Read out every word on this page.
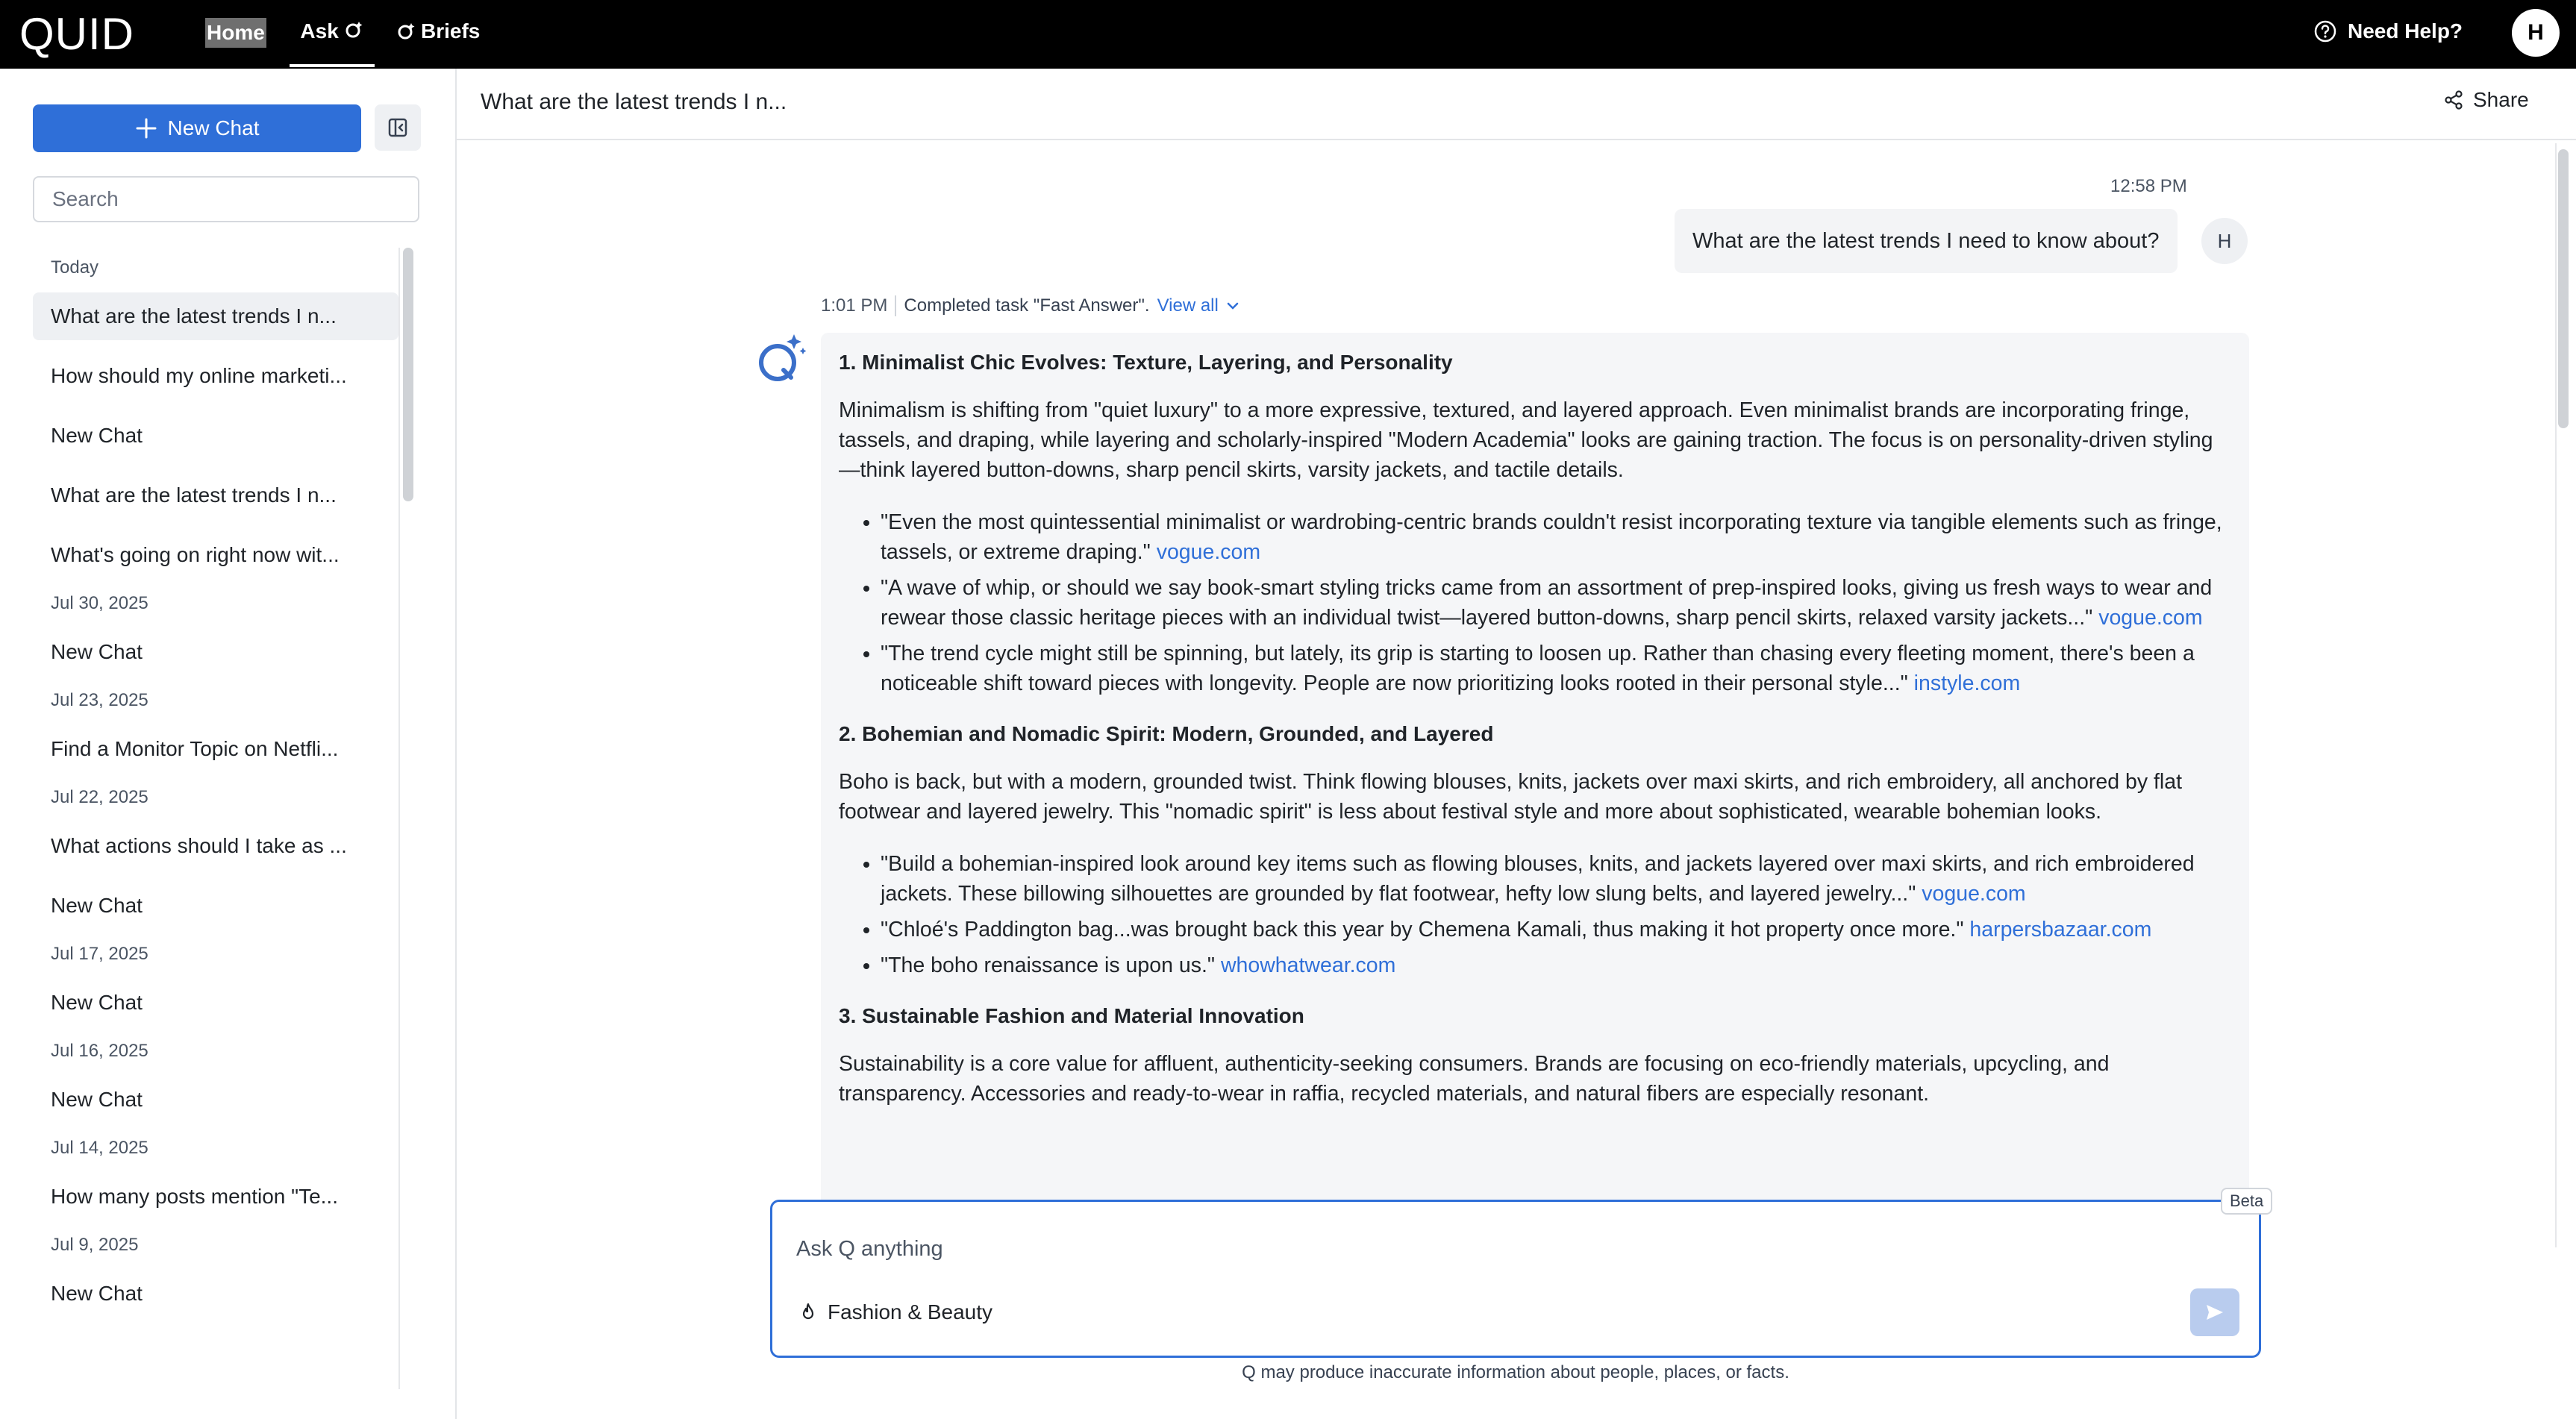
QUID	Home	Ask	Briefs	Need Help?	H
New Chat
Search
Today
What are the latest trends I n...
How should my online marketi...
New Chat
What are the latest trends I n...
What's going on right now wit...
Jul 30, 2025
New Chat
Jul 23, 2025
Find a Monitor Topic on Netfli...
Jul 22, 2025
What actions should I take as ...
New Chat
Jul 17, 2025
New Chat
Jul 16, 2025
New Chat
Jul 14, 2025
How many posts mention "Te...
Jul 9, 2025
New Chat
What are the latest trends I n...	Share
12:58 PM
What are the latest trends I need to know about?	H
1:01 PM Completed task "Fast Answer". View all
1. Minimalist Chic Evolves: Texture, Layering, and Personality

Minimalism is shifting from "quiet luxury" to a more expressive, textured, and layered approach. Even minimalist brands are incorporating fringe, tassels, and draping, while layering and scholarly-inspired "Modern Academia" looks are gaining traction. The focus is on personality-driven styling—think layered button-downs, sharp pencil skirts, varsity jackets, and tactile details.

• "Even the most quintessential minimalist or wardrobing-centric brands couldn't resist incorporating texture via tangible elements such as fringe, tassels, or extreme draping." vogue.com
• "A wave of whip, or should we say book-smart styling tricks came from an assortment of prep-inspired looks, giving us fresh ways to wear and rewear those classic heritage pieces with an individual twist—layered button-downs, sharp pencil skirts, relaxed varsity jackets..." vogue.com
• "The trend cycle might still be spinning, but lately, its grip is starting to loosen up. Rather than chasing every fleeting moment, there's been a noticeable shift toward pieces with longevity. People are now prioritizing looks rooted in their personal style..." instyle.com
2. Bohemian and Nomadic Spirit: Modern, Grounded, and Layered

Boho is back, but with a modern, grounded twist. Think flowing blouses, knits, jackets over maxi skirts, and rich embroidery, all anchored by flat footwear and layered jewelry. This "nomadic spirit" is less about festival style and more about sophisticated, wearable bohemian looks.

• "Build a bohemian-inspired look around key items such as flowing blouses, knits, and jackets layered over maxi skirts, and rich embroidered jackets. These billowing silhouettes are grounded by flat footwear, hefty low slung belts, and layered jewelry..." vogue.com
• "Chloé's Paddington bag...was brought back this year by Chemena Kamali, thus making it hot property once more." harpersbazaar.com
• "The boho renaissance is upon us." whowhatwear.com
3. Sustainable Fashion and Material Innovation

Sustainability is a core value for affluent, authenticity-seeking consumers. Brands are focusing on eco-friendly materials, upcycling, and transparency. Accessories and ready-to-wear in raffia, recycled materials, and natural fibers are especially resonant.

Ask Q anything
Fashion & Beauty
Beta
Q may produce inaccurate information about people, places, or facts.
